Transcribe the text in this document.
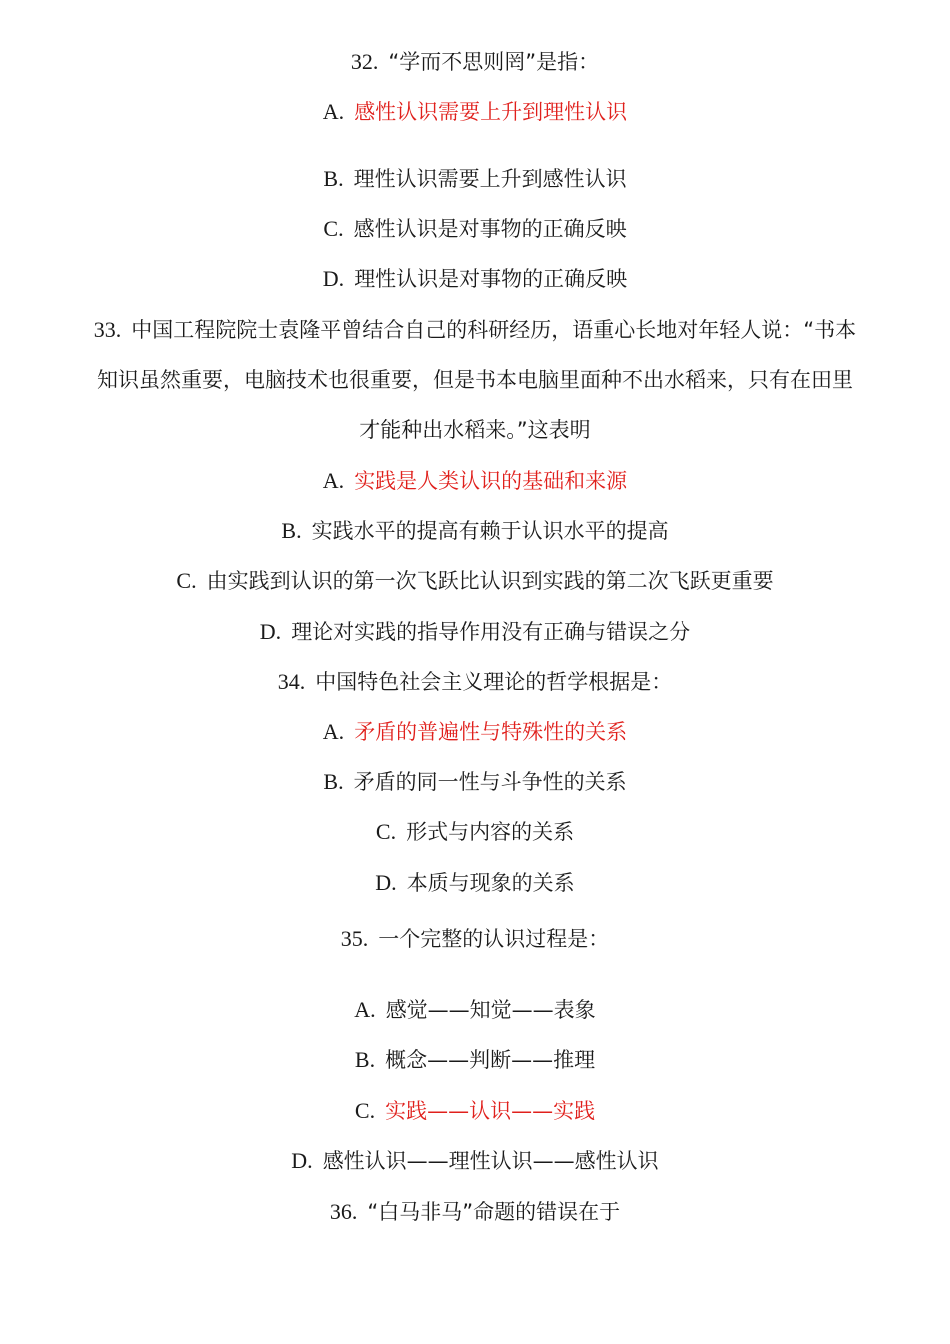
32. “学而不思则罔”是指：
A. 感性认识需要上升到理性认识
B. 理性认识需要上升到感性认识
C. 感性认识是对事物的正确反映
D. 理性认识是对事物的正确反映
33. 中国工程院院士袁隆平曾结合自己的科研经历，语重心长地对年轻人说：“书本
知识虽然重要，电脑技术也很重要，但是书本电脑里面种不出水稻来，只有在田里
才能种出水稻来。”这表明
A. 实践是人类认识的基础和来源
B. 实践水平的提高有赖于认识水平的提高
C. 由实践到认识的第一次飞跃比认识到实践的第二次飞跃更重要
D. 理论对实践的指导作用没有正确与错误之分
34. 中国特色社会主义理论的哲学根据是：
A. 矛盾的普遍性与特殊性的关系
B. 矛盾的同一性与斗争性的关系
C. 形式与内容的关系
D. 本质与现象的关系
35. 一个完整的认识过程是：
A. 感觉——知觉——表象
B. 概念——判断——推理
C. 实践——认识——实践
D. 感性认识——理性认识——感性认识
36. “白马非马”命题的错误在于
